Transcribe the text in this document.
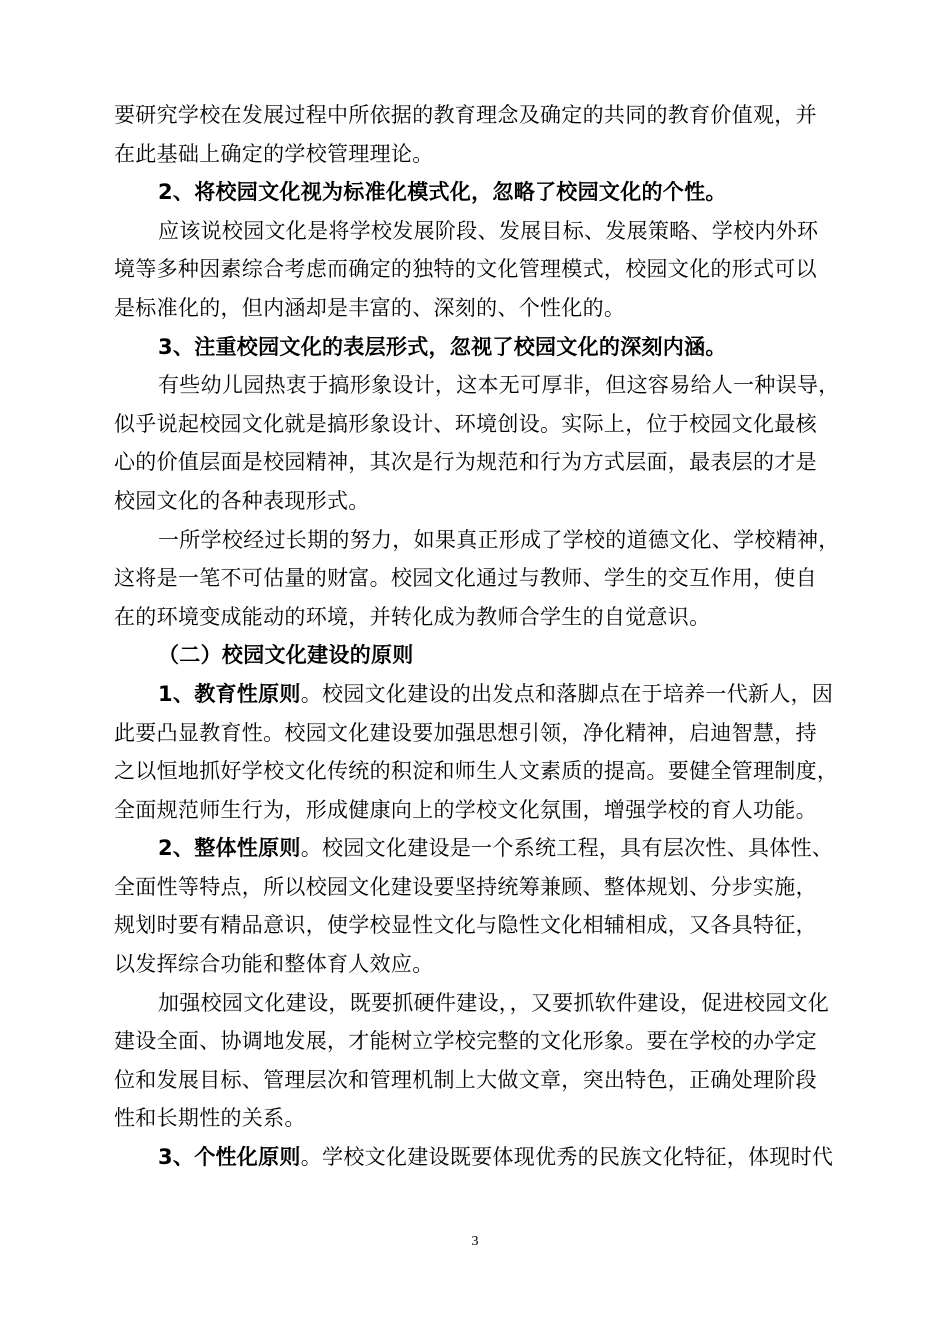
要研究学校在发展过程中所依据的教育理念及确定的共同的教育价值观，并
在此基础上确定的学校管理理论。
2、将校园文化视为标准化模式化，忽略了校园文化的个性。
应该说校园文化是将学校发展阶段、发展目标、发展策略、学校内外环
境等多种因素综合考虑而确定的独特的文化管理模式，校园文化的形式可以
是标准化的，但内涵却是丰富的、深刻的、个性化的。
3、注重校园文化的表层形式，忽视了校园文化的深刻内涵。
有些幼儿园热衷于搞形象设计，这本无可厚非，但这容易给人一种误导，
似乎说起校园文化就是搞形象设计、环境创设。实际上，位于校园文化最核
心的价值层面是校园精神，其次是行为规范和行为方式层面，最表层的才是
校园文化的各种表现形式。
一所学校经过长期的努力，如果真正形成了学校的道德文化、学校精神，
这将是一笔不可估量的财富。校园文化通过与教师、学生的交互作用，使自
在的环境变成能动的环境，并转化成为教师合学生的自觉意识。
（二）校园文化建设的原则
1、教育性原则。校园文化建设的出发点和落脚点在于培养一代新人，因
此要凸显教育性。校园文化建设要加强思想引领，净化精神，启迪智慧，持
之以恒地抓好学校文化传统的积淀和师生人文素质的提高。要健全管理制度，
全面规范师生行为，形成健康向上的学校文化氛围，增强学校的育人功能。
2、整体性原则。校园文化建设是一个系统工程，具有层次性、具体性、
全面性等特点，所以校园文化建设要坚持统筹兼顾、整体规划、分步实施，
规划时要有精品意识，使学校显性文化与隐性文化相辅相成，又各具特征，
以发挥综合功能和整体育人效应。
加强校园文化建设，既要抓硬件建设，，又要抓软件建设，促进校园文化
建设全面、协调地发展，才能树立学校完整的文化形象。要在学校的办学定
位和发展目标、管理层次和管理机制上大做文章，突出特色，正确处理阶段
性和长期性的关系。
3、个性化原则。学校文化建设既要体现优秀的民族文化特征，体现时代
3
